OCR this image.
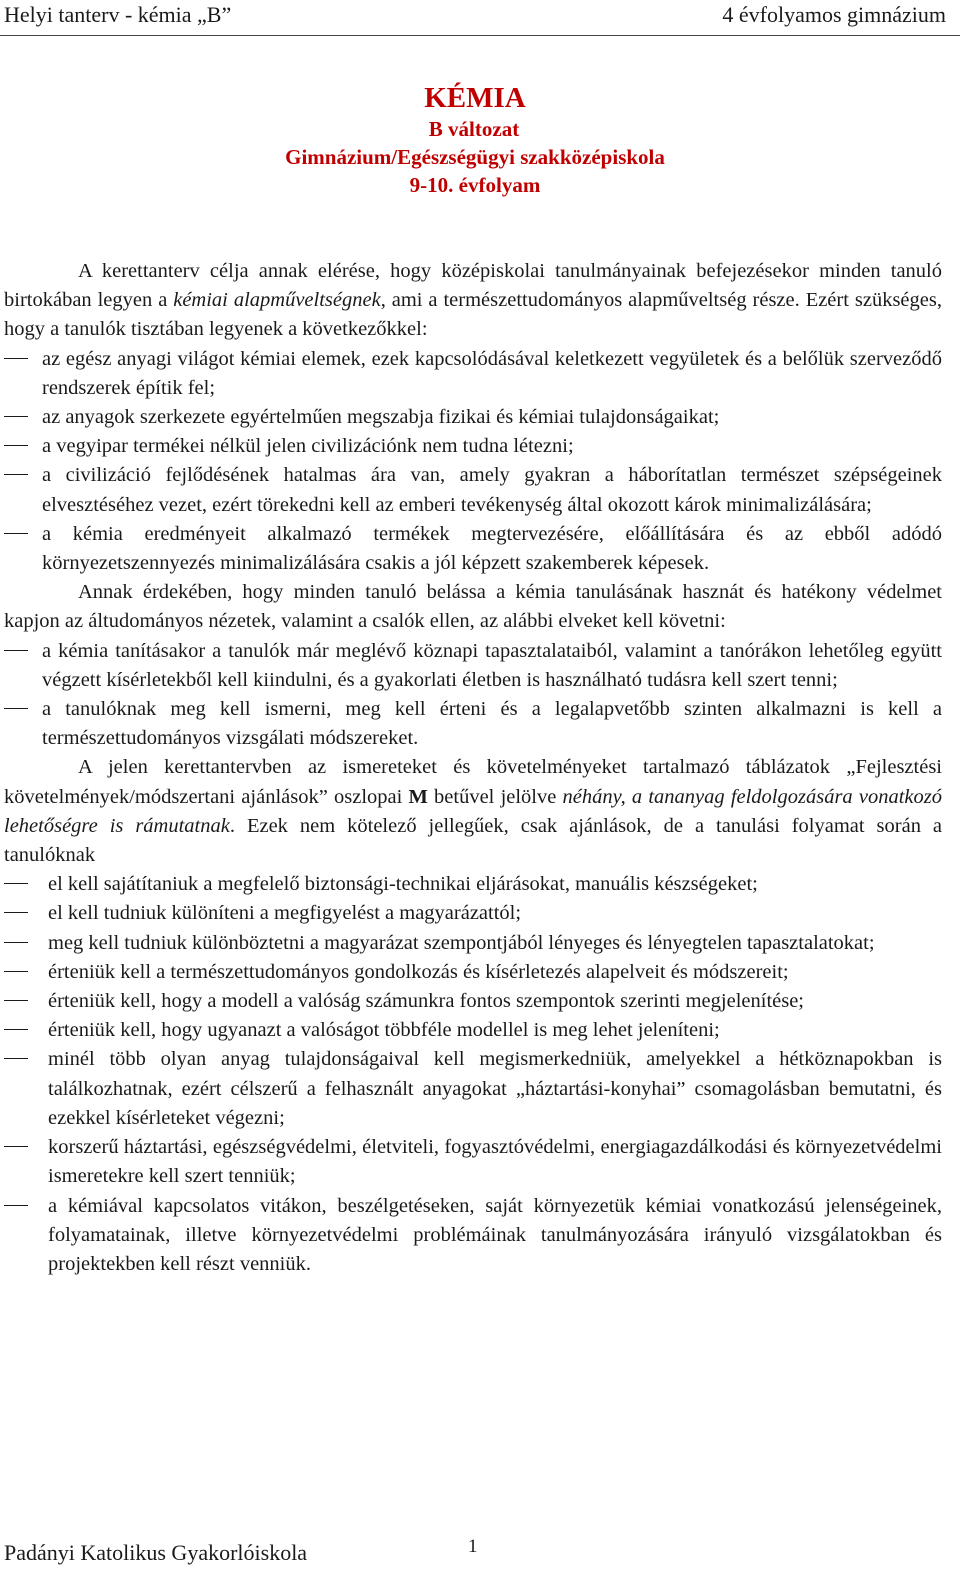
Helyi tanterv - kémia „B”	4 évfolyamos gimnázium
KÉMIA
B változat
Gimnázium/Egészségügyi szakközépiskola
9-10. évfolyam
A kerettanterv célja annak elérése, hogy középiskolai tanulmányainak befejezésekor minden tanuló birtokában legyen a kémiai alapműveltségnek, ami a természettudományos alapműveltség része. Ezért szükséges, hogy a tanulók tisztában legyenek a következőkkel:
az egész anyagi világot kémiai elemek, ezek kapcsolódásával keletkezett vegyületek és a belőlük szerveződő rendszerek építik fel;
az anyagok szerkezete egyértelműen megszabja fizikai és kémiai tulajdonságaikat;
a vegyipar termékei nélkül jelen civilizációnk nem tudna létezni;
a civilizáció fejlődésének hatalmas ára van, amely gyakran a háborítatlan természet szépségeinek elvesztéséhez vezet, ezért törekedni kell az emberi tevékenység által okozott károk minimalizálására;
a kémia eredményeit alkalmazó termékek megtervezésére, előállítására és az ebből adódó környezetszennyezés minimalizálására csakis a jól képzett szakemberek képesek.
Annak érdekében, hogy minden tanuló belássa a kémia tanulásának hasznát és hatékony védelmet kapjon az áltudományos nézetek, valamint a csalók ellen, az alábbi elveket kell követni:
a kémia tanításakor a tanulók már meglévő köznapi tapasztalataiból, valamint a tanórákon lehetőleg együtt végzett kísérletekből kell kiindulni, és a gyakorlati életben is használható tudásra kell szert tenni;
a tanulóknak meg kell ismerni, meg kell érteni és a legalapvetőbb szinten alkalmazni is kell a természettudományos vizsgálati módszereket.
A jelen kerettantervben az ismereteket és követelményeket tartalmazó táblázatok „Fejlesztési követelmények/módszertani ajánlások” oszlopai M betűvel jelölve néhány, a tananyag feldolgozására vonatkozó lehetőségre is rámutatnak. Ezek nem kötelező jellegűek, csak ajánlások, de a tanulási folyamat során a tanulóknak
el kell sajátítaniuk a megfelelő biztonsági-technikai eljárásokat, manuális készségeket;
el kell tudniuk különíteni a megfigyelést a magyarázattól;
meg kell tudniuk különböztetni a magyarázat szempontjából lényeges és lényegtelen tapasztalatokat;
érteniük kell a természettudományos gondolkozás és kísérletezés alapelveit és módszereit;
érteniük kell, hogy a modell a valóság számunkra fontos szempontok szerinti megjelenítése;
érteniük kell, hogy ugyanazt a valóságot többféle modellel is meg lehet jeleníteni;
minél több olyan anyag tulajdonságaival kell megismerkedniük, amelyekkel a hétköznapokban is találkozhatnak, ezért célszerű a felhasznált anyagokat „háztartási-konyhai” csomagolásban bemutatni, és ezekkel kísérleteket végezni;
korszerű háztartási, egészségvédelmi, életviteli, fogyasztóvédelmi, energiagazdálkodási és környezetvédelmi ismeretekre kell szert tenniük;
a kémiával kapcsolatos vitákon, beszélgetéseken, saját környezetük kémiai vonatkozású jelenségeinek, folyamatainak, illetve környezetvédelmi problémáinak tanulmányozására irányuló vizsgálatokban és projektekben kell részt venniük.
Padányi Katolikus Gyakorlóiskola	1
